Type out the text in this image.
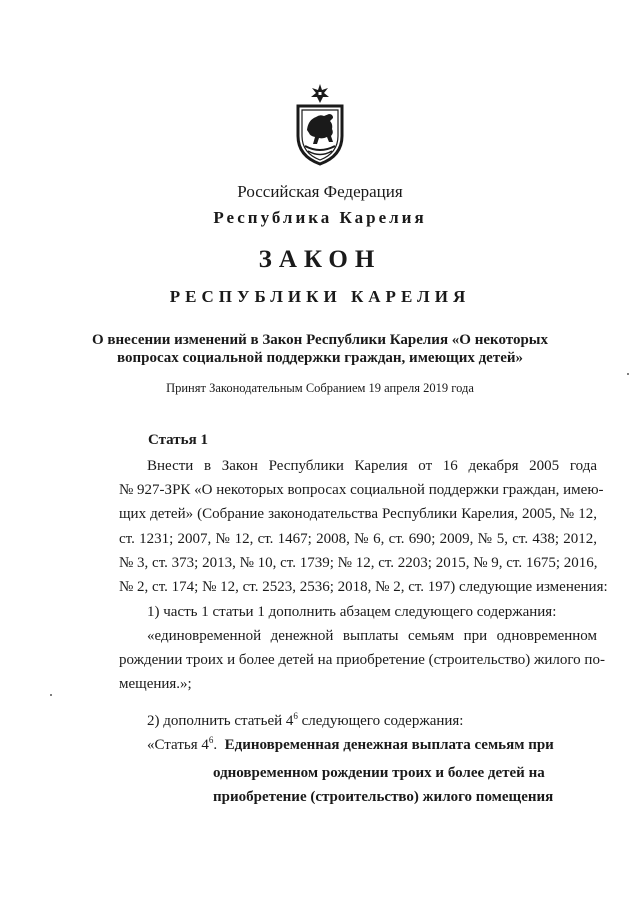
Российская Федерация
Республика Карелия
ЗАКОН
РЕСПУБЛИКИ КАРЕЛИЯ
О внесении изменений в Закон Республики Карелия «О некоторых
вопросах социальной поддержки граждан, имеющих детей»
Принят Законодательным Собранием 19 апреля 2019 года
Статья 1
Внести в Закон Республики Карелия от 16 декабря 2005 года
№ 927-ЗРК «О некоторых вопросах социальной поддержки граждан, имею-
щих детей» (Собрание законодательства Республики Карелия, 2005, № 12,
ст. 1231; 2007, № 12, ст. 1467; 2008, № 6, ст. 690; 2009, № 5, ст. 438; 2012,
№ 3, ст. 373; 2013, № 10, ст. 1739; № 12, ст. 2203; 2015, № 9, ст. 1675; 2016,
№ 2, ст. 174; № 12, ст. 2523, 2536; 2018, № 2, ст. 197) следующие изменения:
1) часть 1 статьи 1 дополнить абзацем следующего содержания:
«единовременной денежной выплаты семьям при одновременном
рождении троих и более детей на приобретение (строительство) жилого по-
мещения.»;
2) дополнить статьей $4^6$ следующего содержания:
«Статья $4^6$. Единовременная денежная выплата семьям при
одновременном рождении троих и более детей на
приобретение (строительство) жилого помещения
